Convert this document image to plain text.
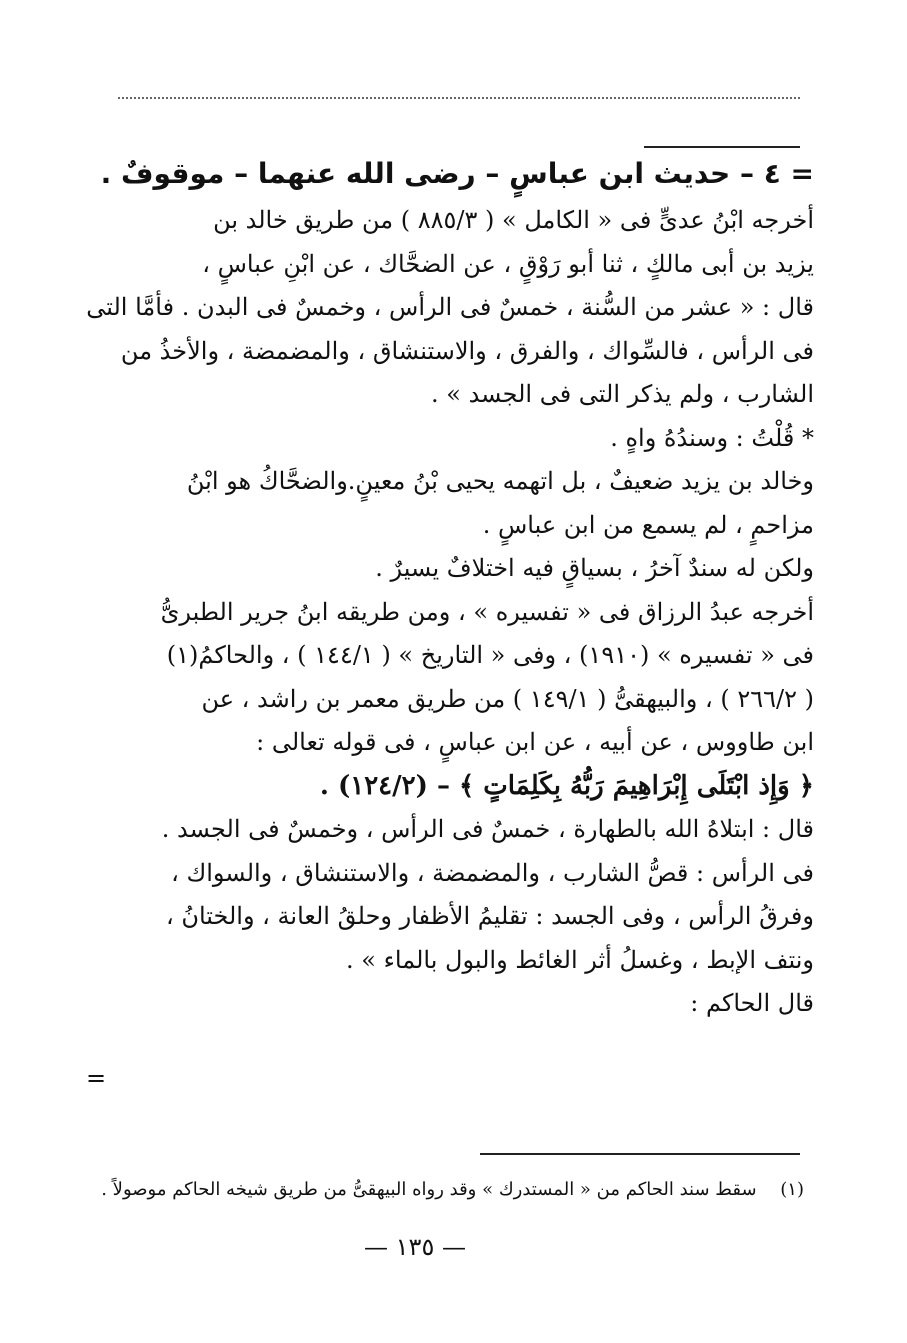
= ٤ – حديث ابن عباسٍ – رضى الله عنهما – موقوفٌ .
أخرجه ابْنُ عدىٍّ فى « الكامل » ( ٨٨٥/٣ ) من طريق خالد بن
يزيد بن أبى مالكٍ ، ثنا أبو رَوْقٍ ، عن الضحَّاك ، عن ابْنِ عباسٍ ،
قال : « عشر من السُّنة ، خمسٌ فى الرأس ، وخمسٌ فى البدن . فأمَّا التى
فى الرأس ، فالسِّواك ، والفرق ، والاستنشاق ، والمضمضة ، والأخذُ من
الشارب ، ولم يذكر التى فى الجسد » .
* قُلْتُ : وسندُهُ واهٍ .
وخالد بن يزيد ضعيفٌ ، بل اتهمه يحيى بْنُ معينٍ.والضحَّاكُ هو ابْنُ
مزاحمٍ ، لم يسمع من ابن عباسٍ .
ولكن له سندٌ آخرُ ، بسياقٍ فيه اختلافٌ يسيرٌ .
أخرجه عبدُ الرزاق فى « تفسيره » ، ومن طريقه ابنُ جرير الطبرىُّ
فى « تفسيره » (١٩١٠) ، وفى « التاريخ » ( ١٤٤/١ ) ، والحاكمُ(١)
( ٢٦٦/٢ ) ، والبيهقىُّ ( ١٤٩/١ ) من طريق معمر بن راشد ، عن
ابن طاووس ، عن أبيه ، عن ابن عباسٍ ، فى قوله تعالى :
﴿ وَإِذ ابْتَلَى إِبْرَاهِيمَ رَبُّهُ بِكَلِمَاتٍ ﴾ – (١٢٤/٢) .
قال : ابتلاهُ الله بالطهارة ، خمسٌ فى الرأس ، وخمسٌ فى الجسد .
فى الرأس : قصُّ الشارب ، والمضمضة ، والاستنشاق ، والسواك ،
وفرقُ الرأس ، وفى الجسد : تقليمُ الأظفار وحلقُ العانة ، والختانُ ،
ونتف الإبط ، وغسلُ أثر الغائط والبول بالماء » .
قال الحاكم :
=
(١) سقط سند الحاكم من « المستدرك » وقد رواه البيهقىُّ من طريق شيخه الحاكم موصولاً .
— ١٣٥ —
